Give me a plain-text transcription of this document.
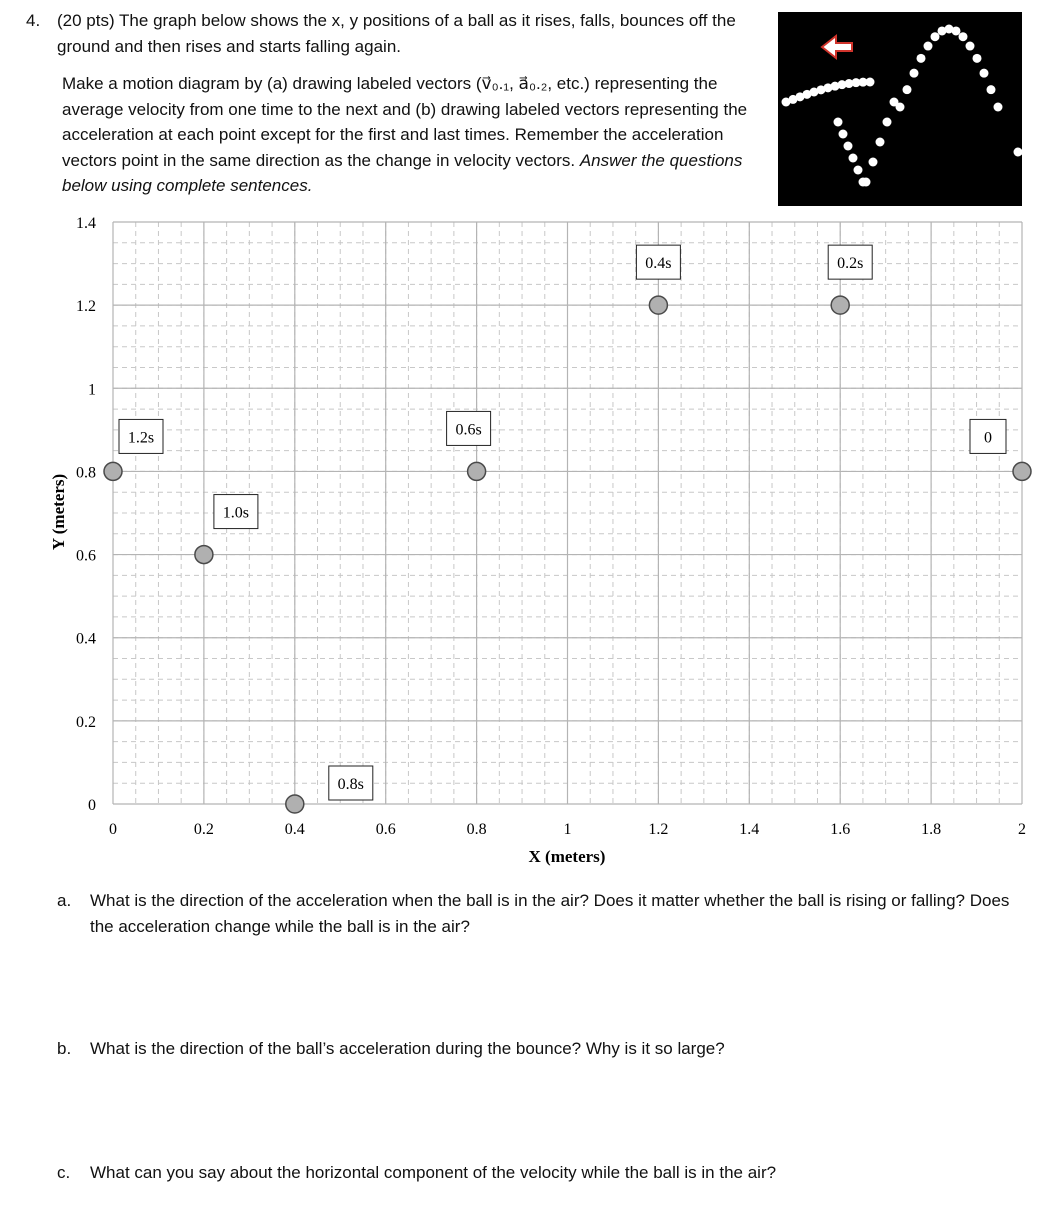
4. (20 pts) The graph below shows the x, y positions of a ball as it rises, falls, bounces off the ground and then rises and starts falling again.
Make a motion diagram by (a) drawing labeled vectors (v⃗₀.₁, a⃗₀.₂, etc.) representing the average velocity from one time to the next and (b) drawing labeled vectors representing the acceleration at each point except for the first and last times. Remember the acceleration vectors point in the same direction as the change in velocity vectors. Answer the questions below using complete sentences.
0
0.2
0.4
0.6
0.8
1
1.2
1.4
0	0.2	0.4	0.6	0.8	1	1.2	1.4	1.6	1.8	2
X (meters)
Y (meters)
0
0.2s
0.4s
0.6s
0.8s
1.0s
1.2s
a. What is the direction of the acceleration when the ball is in the air? Does it matter whether the ball is rising or falling? Does the acceleration change while the ball is in the air?
b. What is the direction of the ball’s acceleration during the bounce? Why is it so large?
c. What can you say about the horizontal component of the velocity while the ball is in the air?
